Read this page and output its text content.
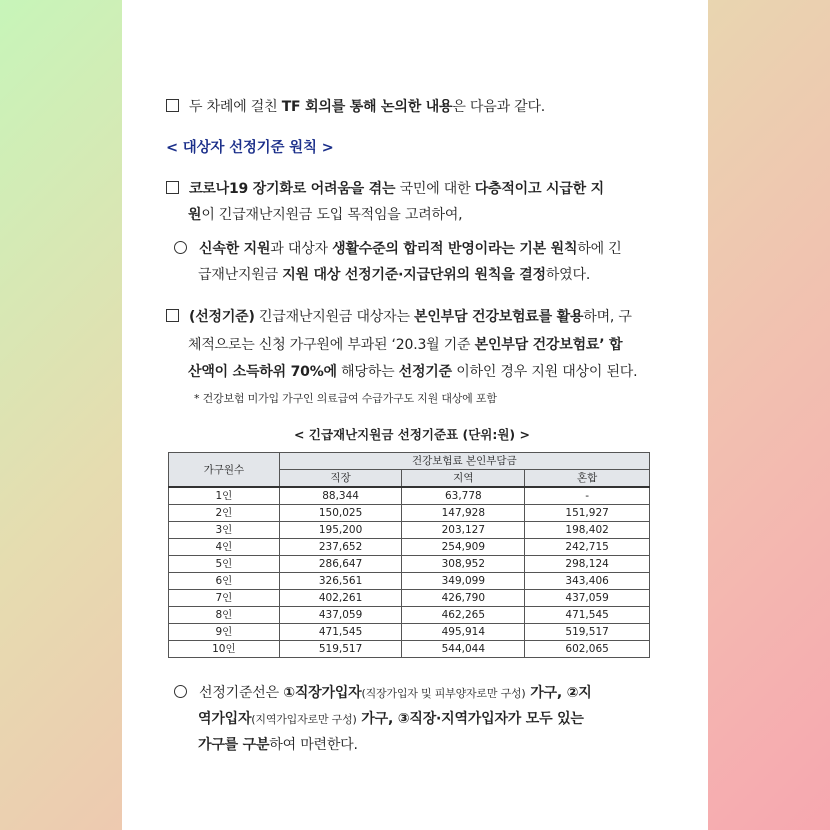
두 차례에 걸친 TF 회의를 통해 논의한 내용은 다음과 같다.
< 대상자 선정기준 원칙 >
코로나19 장기화로 어려움을 겪는 국민에 대한 다층적이고 시급한 지
원이 긴급재난지원금 도입 목적임을 고려하여,
신속한 지원과 대상자 생활수준의 합리적 반영이라는 기본 원칙하에 긴
급재난지원금 지원 대상 선정기준·지급단위의 원칙을 결정하였다.
(선정기준) 긴급재난지원금 대상자는 본인부담 건강보험료를 활용하며, 구
체적으로는 신청 가구원에 부과된 ‘20.3월 기준 본인부담 건강보험료’ 합
산액이 소득하위 70%에 해당하는 선정기준 이하인 경우 지원 대상이 된다.
* 건강보험 미가입 가구인 의료급여 수급가구도 지원 대상에 포함
< 긴급재난지원금 선정기준표 (단위:원) >
가구원수	건강보험료 본인부담금		
	직장	지역	혼합
1인	88,344	63,778	-
2인	150,025	147,928	151,927
3인	195,200	203,127	198,402
4인	237,652	254,909	242,715
5인	286,647	308,952	298,124
6인	326,561	349,099	343,406
7인	402,261	426,790	437,059
8인	437,059	462,265	471,545
9인	471,545	495,914	519,517
10인	519,517	544,044	602,065
선정기준선은 ①직장가입자(직장가입자 및 피부양자로만 구성) 가구, ②지
역가입자(지역가입자로만 구성) 가구, ③직장·지역가입자가 모두 있는
가구를 구분하여 마련한다.
